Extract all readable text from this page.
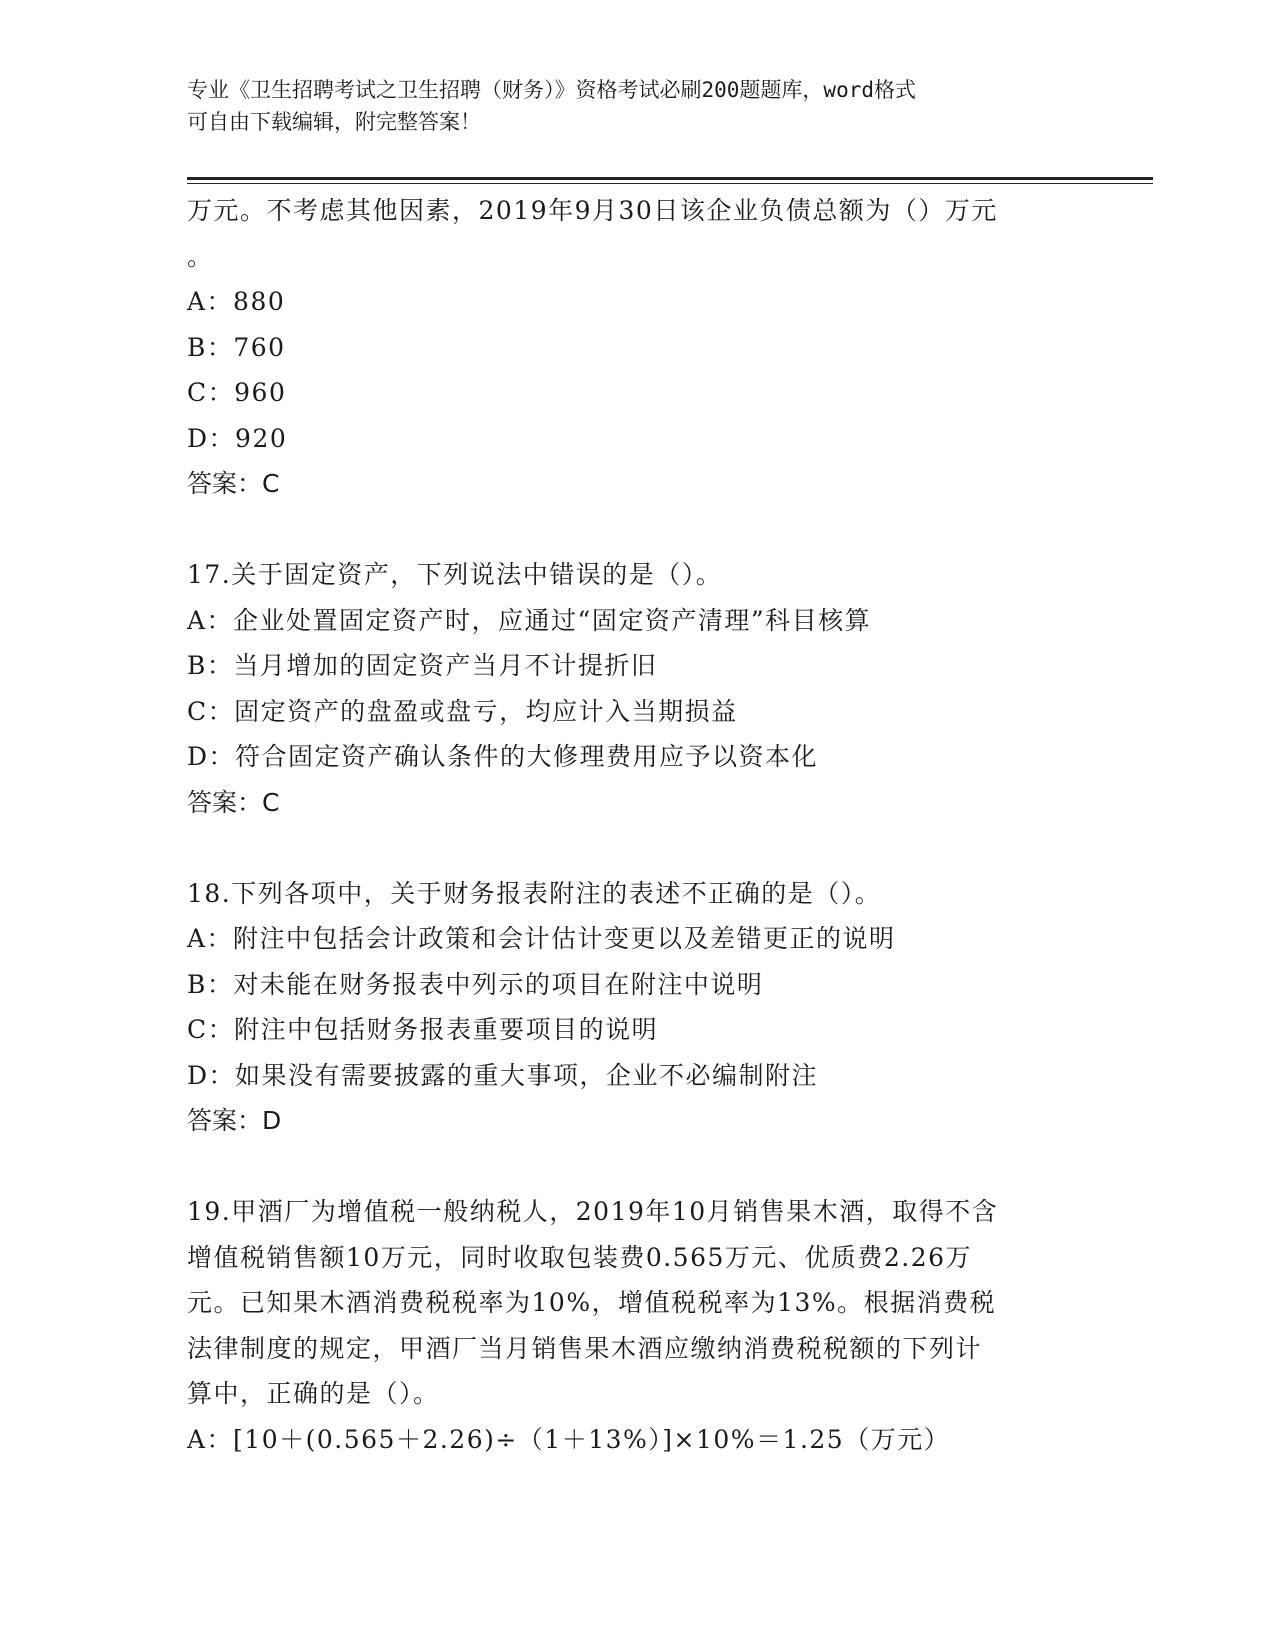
专业《卫生招聘考试之卫生招聘（财务）》资格考试必刷200题题库，word格式
可自由下载编辑，附完整答案！
万元。不考虑其他因素，2019年9月30日该企业负债总额为（）万元
。
A：880
B：760
C：960
D：920
答案：C
17.关于固定资产，下列说法中错误的是（）。
A：企业处置固定资产时，应通过“固定资产清理”科目核算
B：当月增加的固定资产当月不计提折旧
C：固定资产的盘盈或盘亏，均应计入当期损益
D：符合固定资产确认条件的大修理费用应予以资本化
答案：C
18.下列各项中，关于财务报表附注的表述不正确的是（）。
A：附注中包括会计政策和会计估计变更以及差错更正的说明
B：对未能在财务报表中列示的项目在附注中说明
C：附注中包括财务报表重要项目的说明
D：如果没有需要披露的重大事项，企业不必编制附注
答案：D
19.甲酒厂为增值税一般纳税人，2019年10月销售果木酒，取得不含
增值税销售额10万元，同时收取包装费0.565万元、优质费2.26万
元。已知果木酒消费税税率为10%，增值税税率为13%。根据消费税
法律制度的规定，甲酒厂当月销售果木酒应缴纳消费税税额的下列计
算中，正确的是（）。
A：[10＋(0.565＋2.26)÷（1＋13%）]×10%＝1.25（万元）
